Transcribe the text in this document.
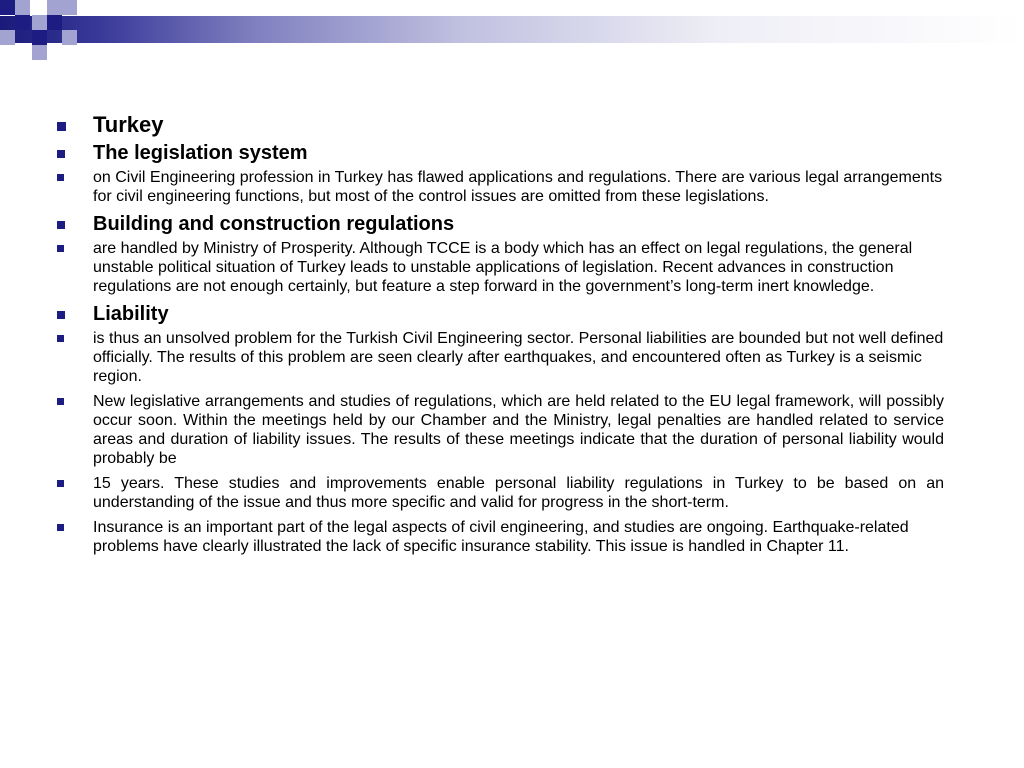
Turkey
The legislation system
on Civil Engineering profession in Turkey has flawed applications and regulations. There are various legal arrangements for civil engineering functions, but most of the control issues are omitted from these legislations.
Building and construction regulations
are handled by Ministry of Prosperity. Although TCCE is a body which has an effect on legal regulations, the general unstable political situation of Turkey leads to unstable applications of legislation. Recent advances in construction regulations are not enough certainly, but feature a step forward in the government’s long-term inert knowledge.
Liability
is thus an unsolved problem for the Turkish Civil Engineering sector. Personal liabilities are bounded but not well defined officially. The results of this problem are seen clearly after earthquakes, and encountered often as Turkey is a seismic region.
New legislative arrangements and studies of regulations, which are held related to the EU legal framework, will possibly occur soon. Within the meetings held by our Chamber and the Ministry, legal penalties are handled related to service areas and duration of liability issues. The results of these meetings indicate that the duration of personal liability would probably be
15 years. These studies and improvements enable personal liability regulations in Turkey to be based on an understanding of the issue and thus more specific and valid for progress in the short-term.
Insurance is an important part of the legal aspects of civil engineering, and studies are ongoing. Earthquake-related problems have clearly illustrated the lack of specific insurance stability. This issue is handled in Chapter 11.
